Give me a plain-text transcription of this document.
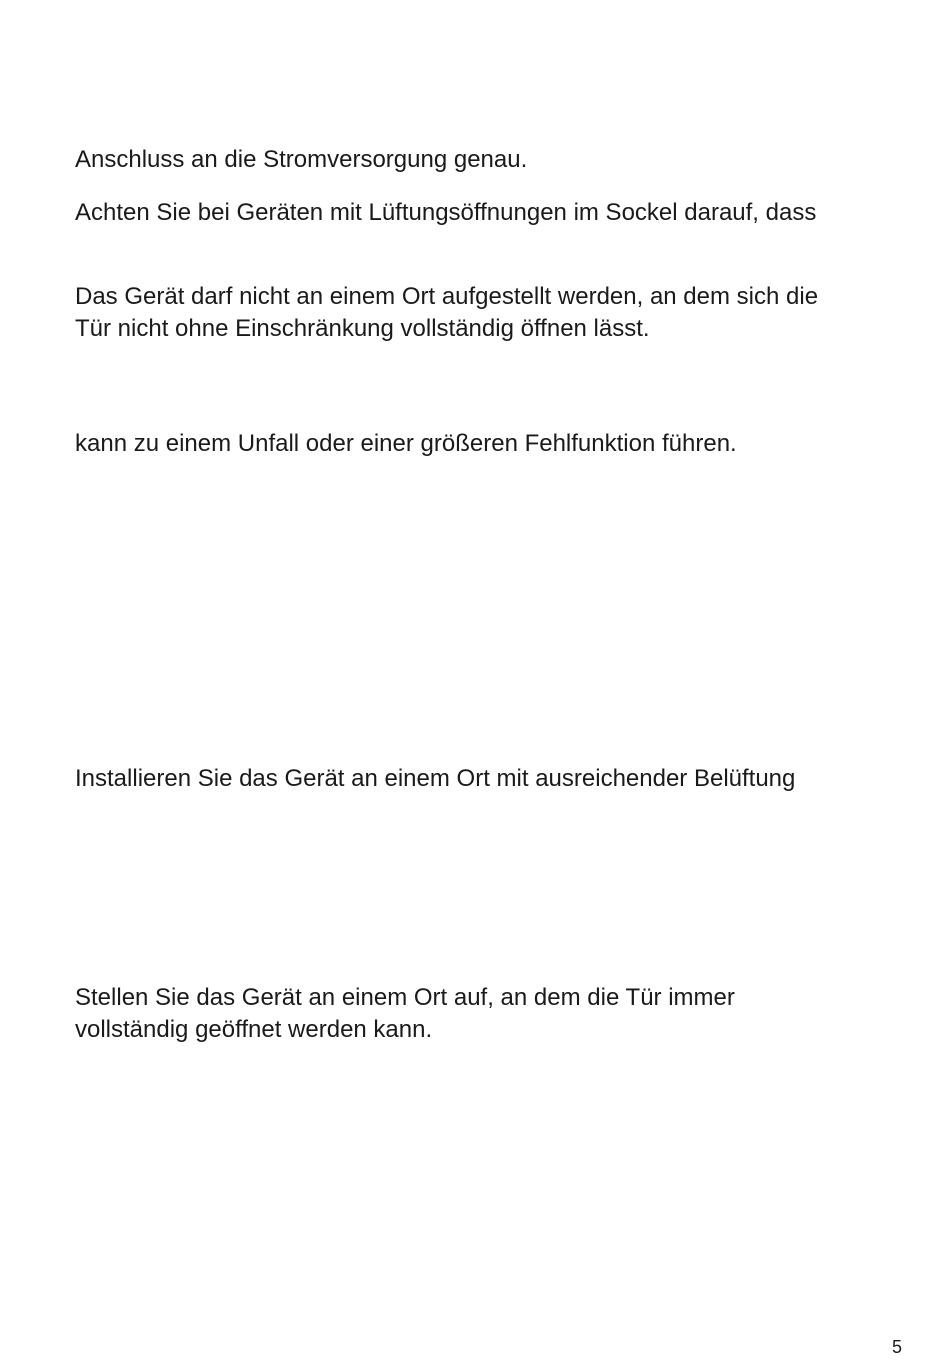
Anschluss an die Stromversorgung genau.
Achten Sie bei Geräten mit Lüftungsöffnungen im Sockel darauf, dass
Das Gerät darf nicht an einem Ort aufgestellt werden, an dem sich die
Tür nicht ohne Einschränkung vollständig öffnen lässt.
kann zu einem Unfall oder einer größeren Fehlfunktion führen.
Installieren Sie das Gerät an einem Ort mit ausreichender Belüftung
Stellen Sie das Gerät an einem Ort auf, an dem die Tür immer
vollständig geöffnet werden kann.
5
